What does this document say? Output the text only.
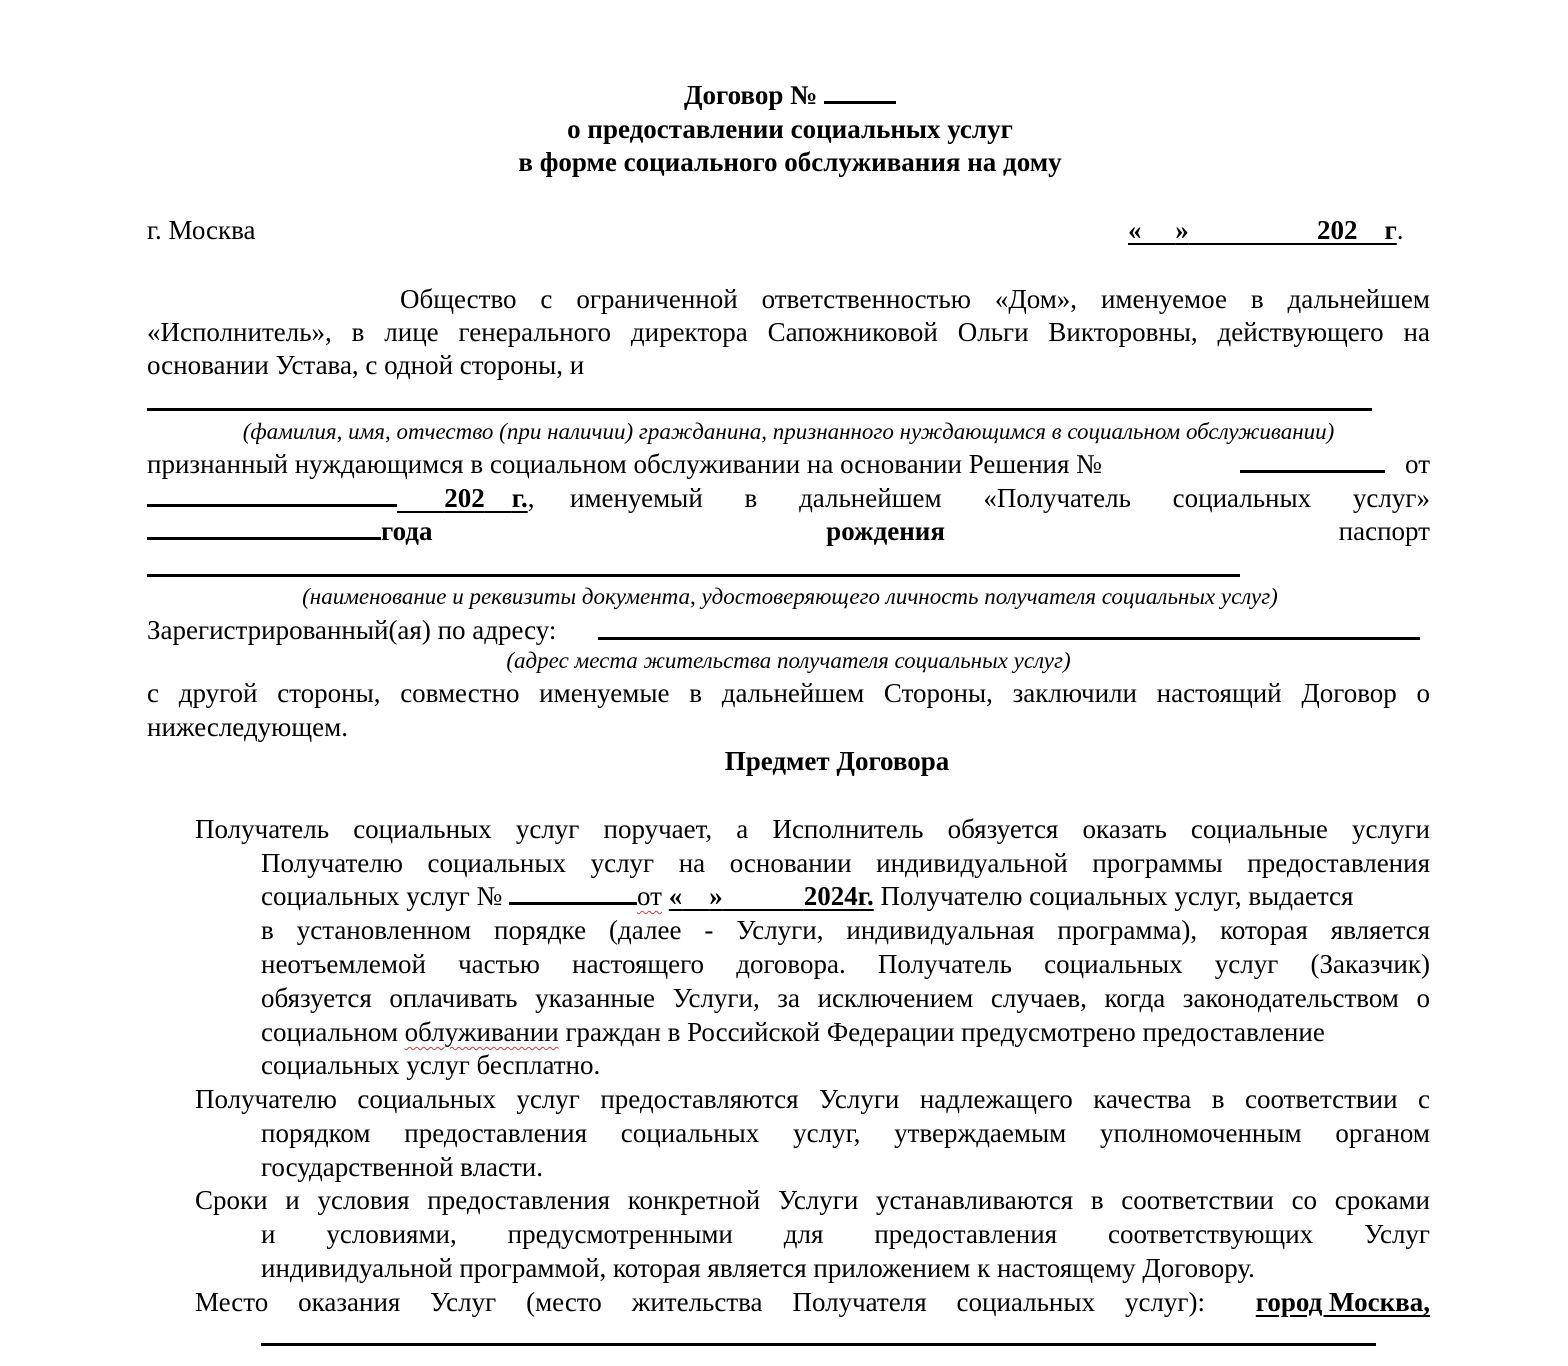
Договор №
о предоставлении социальных услуг
в форме социального обслуживания на дому
г. Москва	« »	202 г.
Общество с ограниченной ответственностью «Дом», именуемое в дальнейшем
«Исполнитель», в лице генерального директора Сапожниковой Ольги Викторовны, действующего на
основании Устава, с одной стороны, и
(фамилия, имя, отчество (при наличии) гражданина, признанного нуждающимся в социальном обслуживании)
признанный нуждающимся в социальном обслуживании на основании Решения №	от
202 г., именуемый в дальнейшем «Получатель социальных услуг»
года	рождения	паспорт
(наименование и реквизиты документа, удостоверяющего личность получателя социальных услуг)
Зарегистрированный(ая) по адресу:
(адрес места жительства получателя социальных услуг)
с другой стороны, совместно именуемые в дальнейшем Стороны, заключили настоящий Договор о
нижеследующем.
Предмет Договора
Получатель социальных услуг поручает, а Исполнитель обязуется оказать социальные услуги
Получателю социальных услуг на основании индивидуальной программы предоставления
социальных услуг №	от « »	2024г. Получателю социальных услуг, выдается
в установленном порядке (далее - Услуги, индивидуальная программа), которая является
неотъемлемой частью настоящего договора. Получатель социальных услуг (Заказчик)
обязуется оплачивать указанные Услуги, за исключением случаев, когда законодательством о
социальном облуживании граждан в Российской Федерации предусмотрено предоставление
социальных услуг бесплатно.
Получателю социальных услуг предоставляются Услуги надлежащего качества в соответствии с
порядком предоставления социальных услуг, утверждаемым уполномоченным органом
государственной власти.
Сроки и условия предоставления конкретной Услуги устанавливаются в соответствии со сроками
и условиями, предусмотренными для предоставления соответствующих Услуг
индивидуальной программой, которая является приложением к настоящему Договору.
Место оказания Услуг (место жительства Получателя социальных услуг): город Москва,
